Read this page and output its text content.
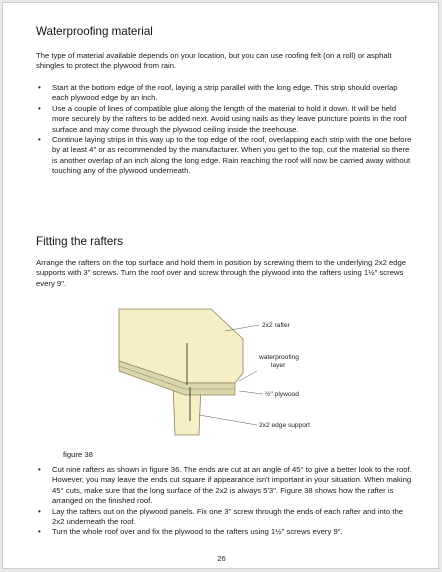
Waterproofing material

The type of material available depends on your location, but you can use roofing felt (on a roll) or asphalt shingles to protect the plywood from rain.

• Start at the bottom edge of the roof, laying a strip parallel with the long edge. This strip should overlap each plywood edge by an inch.
• Use a couple of lines of compatible glue along the length of the material to hold it down. It will be held more securely by the rafters to be added next. Avoid using nails as they leave puncture points in the roof surface and may come through the plywood ceiling inside the treehouse.
• Continue laying strips in this way up to the top edge of the roof, overlapping each strip with the one before by at least 4" or as recommended by the manufacturer. When you get to the top, cut the material so there is another overlap of an inch along the long edge. Rain reaching the roof will now be carried away without touching any of the plywood underneath.
Fitting the rafters

Arrange the rafters on the top surface and hold them in position by screwing them to the underlying 2x2 edge supports with 3" screws. Turn the roof over and screw through the plywood into the rafters using 1½" screws every 9".

2x2 rafter
waterproofing
layer
½" plywood
2x2 edge support
figure 38
• Cut nine rafters as shown in figure 36. The ends are cut at an angle of 45° to give a better look to the roof. However, you may leave the ends cut square if appearance isn't important in your situation. When making 45° cuts, make sure that the long surface of the 2x2 is always 5'3". Figure 38 shows how the rafter is arranged on the finished roof.
• Lay the rafters out on the plywood panels. Fix one 3" screw through the ends of each rafter and into the 2x2 underneath the roof.
• Turn the whole roof over and fix the plywood to the rafters using 1½" screws every 9".
26
